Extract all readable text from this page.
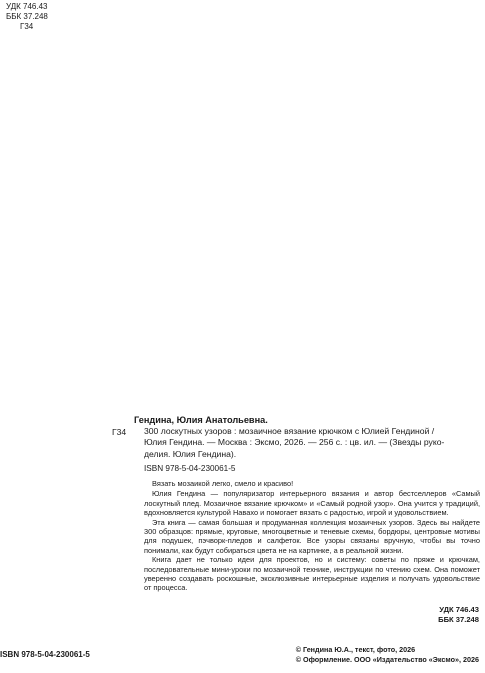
УДК 746.43
ББК 37.248
Г34
Гендина, Юлия Анатольевна.
Г34 300 лоскутных узоров : мозаичное вязание крючком с Юлией Гендиной /

Юлия Гендина. — Москва : Эксмо, 2026. — 256 с. : цв. ил. — (Звезды руко-

делия. Юлия Гендина).

ISBN 978-5-04-230061-5

Вязать мозаикой легко, смело и красиво!

Юлия Гендина — популяризатор интерьерного вязания и автор бестселлеров «Самый лоскутный плед. Мозаичное вязание крючком» и «Самый родной узор». Она учится у традиций, вдохновляется культурой Навахо и помогает вязать с радостью, игрой и удовольствием.

Эта книга — самая большая и продуманная коллекция мозаичных узоров. Здесь вы найдете 300 образцов: прямые, круговые, многоцветные и теневые схемы, бордюры, центровые мотивы для подушек, пэчворк-пледов и салфеток. Все узоры связаны вручную, чтобы вы точно понимали, как будут собираться цвета не на картинке, а в реальной жизни.

Книга дает не только идеи для проектов, но и систему: советы по пряже и крючкам, последовательные мини-уроки по мозаичной технике, инструкции по чтению схем. Она поможет уверенно создавать роскошные, эксклюзивные интерьерные изделия и получать удовольствие от процесса.

УДК 746.43
ББК 37.248
ISBN 978-5-04-230061-5
© Гендина Ю.А., текст, фото, 2026
© Оформление. ООО «Издательство «Эксмо», 2026
